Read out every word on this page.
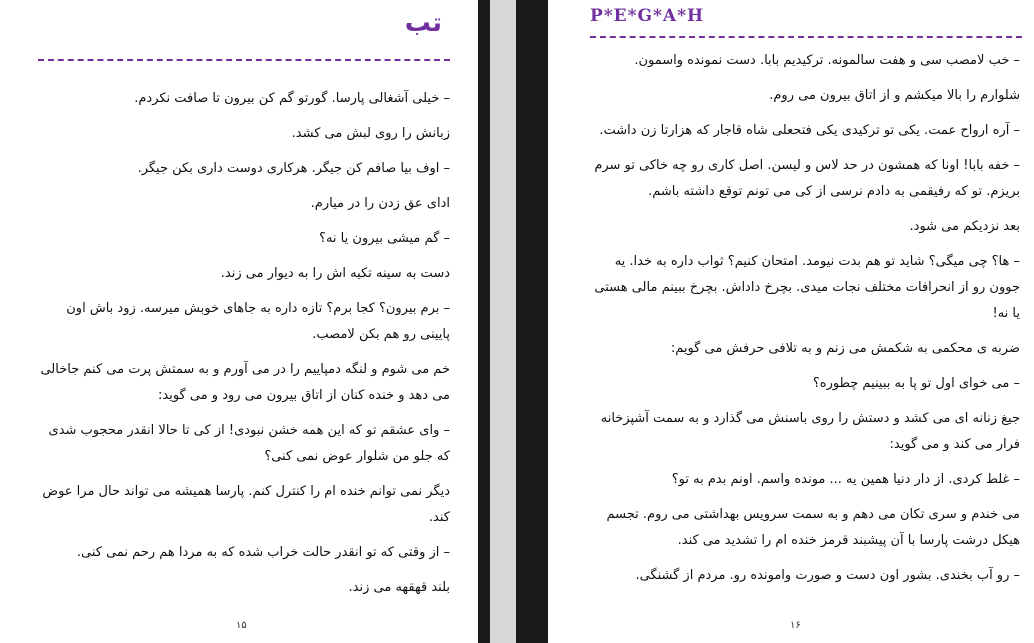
تب

– خیلی آشغالی پارسا. گورتو گم کن بیرون تا صافت نکردم.

زبانش را روی لبش می کشد.

– اوف بیا صافم کن جیگر. هرکاری دوست داری بکن جیگر.

ادای عق زدن را در میارم.

– گم میشی بیرون یا نه؟

دست به سینه تکیه اش را به دیوار می زند.

– برم بیرون؟ کجا برم؟ تازه داره به جاهای خوبش میرسه. زود باش اون پایینی رو هم بکن لامصب.

خم می شوم و لنگه دمپاییم را در می آورم و به سمتش پرت می کنم جاخالی می دهد و خنده کنان از اتاق بیرون می رود و می گوید:

– وای عشقم تو که این همه خشن نبودی! از کی تا حالا انقدر محجوب شدی که جلو من شلوار عوض نمی کنی؟

دیگر نمی توانم خنده ام را کنترل کنم. پارسا همیشه می تواند حال مرا عوض کند.

– از وقتی که تو انقدر حالت خراب شده که به مردا هم رحم نمی کنی.

بلند قهقهه می زند.

۱۵
P*E*G*A*H

– خب لامصب سی و هفت سالمونه. ترکیدیم بابا. دست نمونده واسمون.

شلوارم را بالا میکشم و از اتاق بیرون می روم.

– آره ارواح عمت. یکی تو ترکیدی یکی فتحعلی شاه قاجار که هزارتا زن داشت.

– خفه بابا! اونا که همشون در حد لاس و لیسن. اصل کاری رو چه خاکی تو سرم بریزم. تو که رفیقمی به دادم نرسی از کی می تونم توقع داشته باشم.

بعد نزدیکم می شود.

– ها؟ چی میگی؟ شاید تو هم بدت نیومد. امتحان کنیم؟ ثواب داره به خدا. یه جوون رو از انحرافات مختلف نجات میدی. بچرخ داداش. بچرخ ببینم مالی هستی یا نه!

ضربه ی محکمی به شکمش می زنم و به تلافی حرفش می گویم:

– می خوای اول تو پا به ببینیم چطوره؟

جیغ زنانه ای می کشد و دستش را روی باسنش می گذارد و به سمت آشپزخانه فرار می کند و می گوید:

– غلط کردی. از دار دنیا همین یه ... مونده واسم. اونم بدم به تو؟

می خندم و سری تکان می دهم و به سمت سرویس بهداشتی می روم. تجسم هیکل درشت پارسا با آن پیشبند قرمز خنده ام را تشدید می کند.

– رو آب بخندی. بشور اون دست و صورت وامونده رو. مردم از گشنگی.

۱۶
